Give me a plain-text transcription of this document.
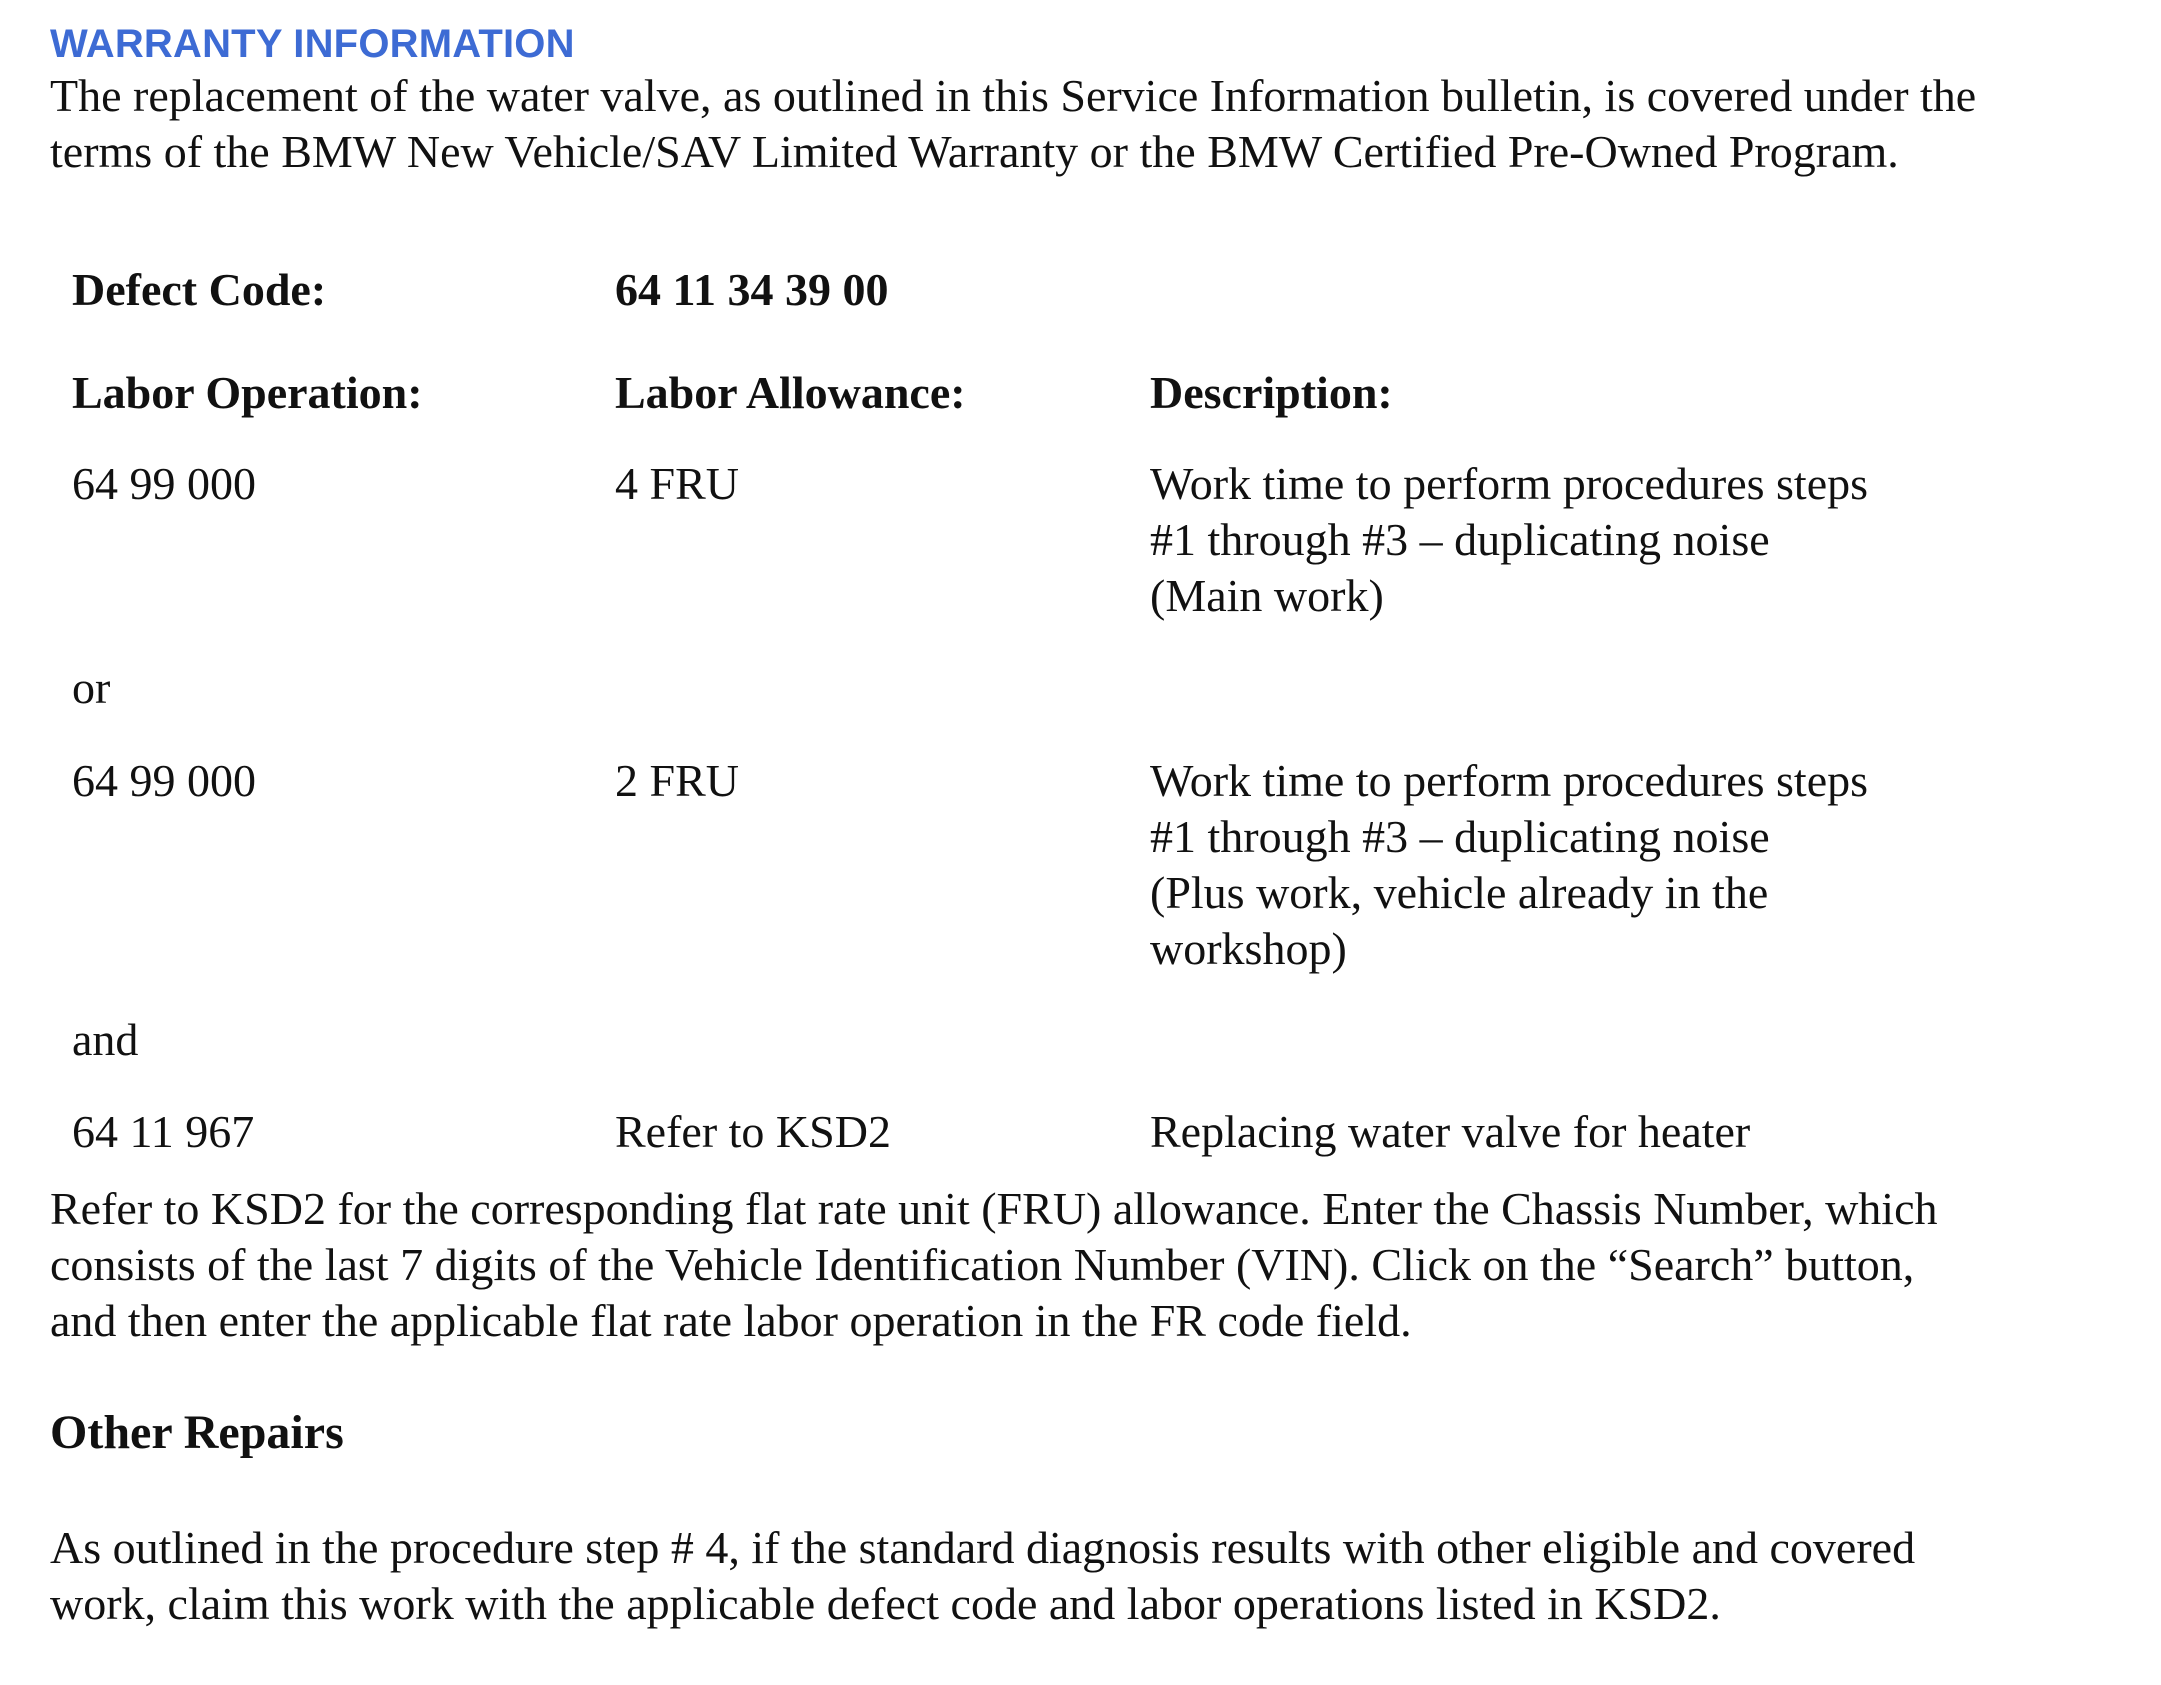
WARRANTY INFORMATION
The replacement of the water valve, as outlined in this Service Information bulletin, is covered under the
terms of the BMW New Vehicle/SAV Limited Warranty or the BMW Certified Pre-Owned Program.
Defect Code:	64 11 34 39 00
Labor Operation:	Labor Allowance:	Description:
64 99 000	4 FRU	Work time to perform procedures steps
#1 through #3 – duplicating noise
(Main work)
or
64 99 000	2 FRU	Work time to perform procedures steps
#1 through #3 – duplicating noise
(Plus work, vehicle already in the
workshop)
and
64 11 967	Refer to KSD2	Replacing water valve for heater
Refer to KSD2 for the corresponding flat rate unit (FRU) allowance. Enter the Chassis Number, which
consists of the last 7 digits of the Vehicle Identification Number (VIN). Click on the “Search” button,
and then enter the applicable flat rate labor operation in the FR code field.
Other Repairs
As outlined in the procedure step # 4, if the standard diagnosis results with other eligible and covered
work, claim this work with the applicable defect code and labor operations listed in KSD2.
